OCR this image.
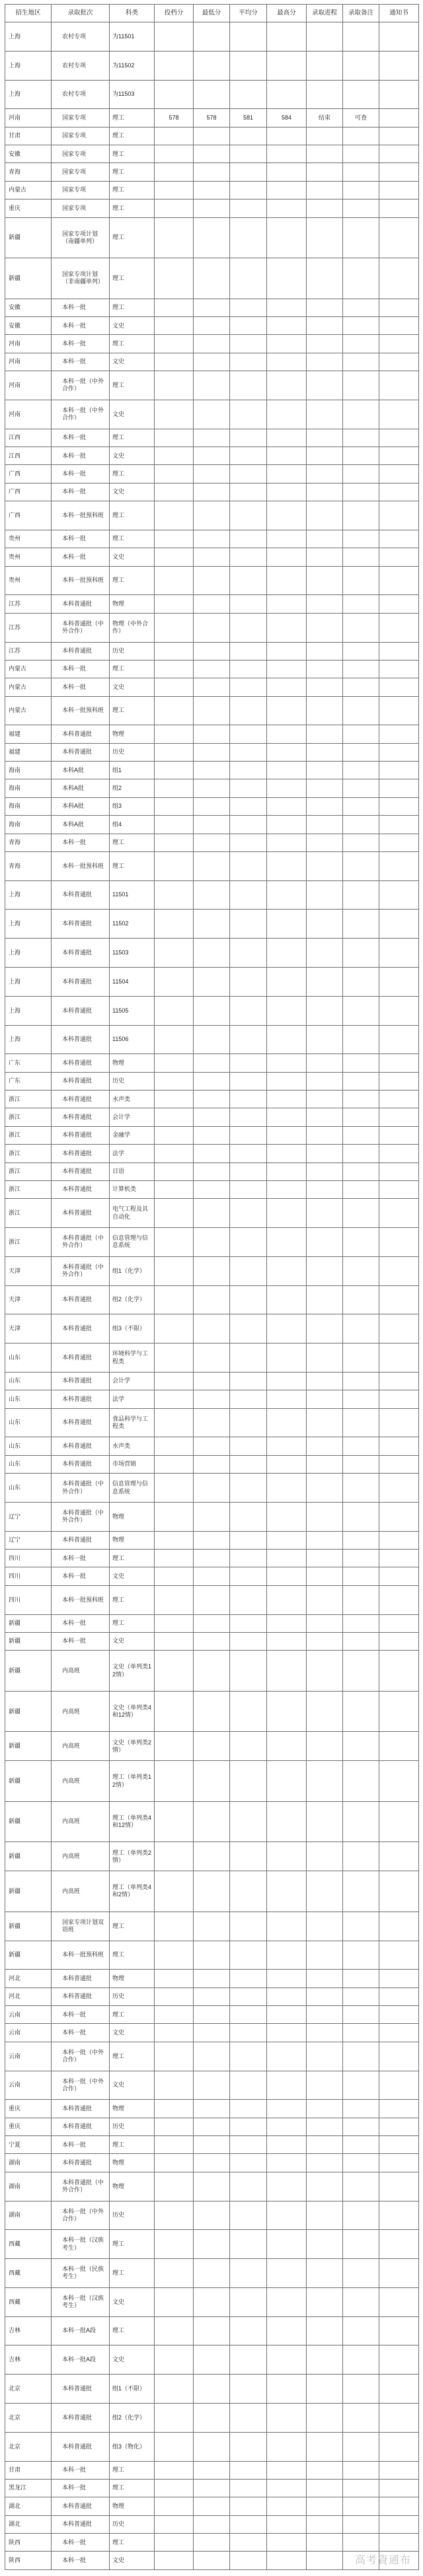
招生地区	录取批次	科类	投档分	最低分	平均分	最高分	录取进程	录取备注	通知书
上海	农村专项	为11501							
上海	农村专项	为11502							
上海	农村专项	为11503							
河南	国家专项	理工	578	578	581	584	结束	可查	
甘肃	国家专项	理工							
安徽	国家专项	理工							
青海	国家专项	理工							
内蒙古	国家专项	理工							
重庆	国家专项	理工							
新疆	国家专项计划（南疆单列）	理工							
新疆	国家专项计划（非南疆单列）	理工							
安徽	本科一批	理工							
安徽	本科一批	文史							
河南	本科一批	理工							
河南	本科一批	文史							
河南	本科一批（中外合作）	理工							
河南	本科一批（中外合作）	文史							
江西	本科一批	理工							
江西	本科一批	文史							
广西	本科一批	理工							
广西	本科一批	文史							
广西	本科一批预科班	理工							
贵州	本科一批	理工							
贵州	本科一批	文史							
贵州	本科一批预科班	理工							
江苏	本科普通批	物理							
江苏	本科普通批（中外合作）	物理（中外合作）							
江苏	本科普通批	历史							
内蒙古	本科一批	理工							
内蒙古	本科一批	文史							
内蒙古	本科一批预科班	理工							
福建	本科普通批	物理							
福建	本科普通批	历史							
海南	本科A批	组1							
海南	本科A批	组2							
海南	本科A批	组3							
海南	本科A批	组4							
青海	本科一批	理工							
青海	本科一批预科班	理工							
上海	本科普通批	11501							
上海	本科普通批	11502							
上海	本科普通批	11503							
上海	本科普通批	11504							
上海	本科普通批	11505							
上海	本科普通批	11506							
广东	本科普通批	物理							
广东	本科普通批	历史							
浙江	本科普通批	水声类							
浙江	本科普通批	会计学							
浙江	本科普通批	金融学							
浙江	本科普通批	法学							
浙江	本科普通批	日语							
浙江	本科普通批	计算机类							
浙江	本科普通批	电气工程及其自动化							
浙江	本科普通批（中外合作）	信息管理与信息系统							
天津	本科普通批（中外合作）	组1（化学）							
天津	本科普通批	组2（化学）							
天津	本科普通批	组3（不限）							
山东	本科普通批	环境科学与工程类							
山东	本科普通批	会计学							
山东	本科普通批	法学							
山东	本科普通批	食品科学与工程类							
山东	本科普通批	水声类							
山东	本科普通批	市场营销							
山东	本科普通批（中外合作）	信息管理与信息系统							
辽宁	本科普通批（中外合作）	物理							
辽宁	本科普通批	物理							
四川	本科一批	理工							
四川	本科一批	文史							
四川	本科一批预科班	理工							
新疆	本科一批	理工							
新疆	本科一批	文史							
新疆	内高班	文史（单列类12情）							
新疆	内高班	文史（单列类4和12情）							
新疆	内高班	文史（单列类2情）							
新疆	内高班	理工（单列类12情）							
新疆	内高班	理工（单列类4和12情）							
新疆	内高班	理工（单列类2情）							
新疆	内高班	理工（单列类4和2情）							
新疆	国家专项计划双语班	理工							
新疆	本科一批预科班	理工							
河北	本科普通批	物理							
河北	本科普通批	历史							
云南	本科一批	理工							
云南	本科一批	文史							
云南	本科一批（中外合作）	理工							
云南	本科一批（中外合作）	文史							
重庆	本科普通批	物理							
重庆	本科普通批	历史							
宁夏	本科一批	理工							
湖南	本科普通批	物理							
湖南	本科普通批（中外合作）	物理							
湖南	本科一批（中外合作）	历史							
西藏	本科一批（汉族考生）	理工							
西藏	本科一批（民族考生）	理工							
西藏	本科一批（汉族考生）	文史							
吉林	本科一批A段	理工							
吉林	本科一批A段	文史							
北京	本科普通批	组1（不限）							
北京	本科普通批	组2（化学）							
北京	本科普通批	组3（物化）							
甘肃	本科一批	理工							
黑龙江	本科一批	理工							
湖北	本科普通批	物理							
湖北	本科普通批	历史							
陕西	本科一批	理工							
陕西	本科一批	文史								高考資通布
